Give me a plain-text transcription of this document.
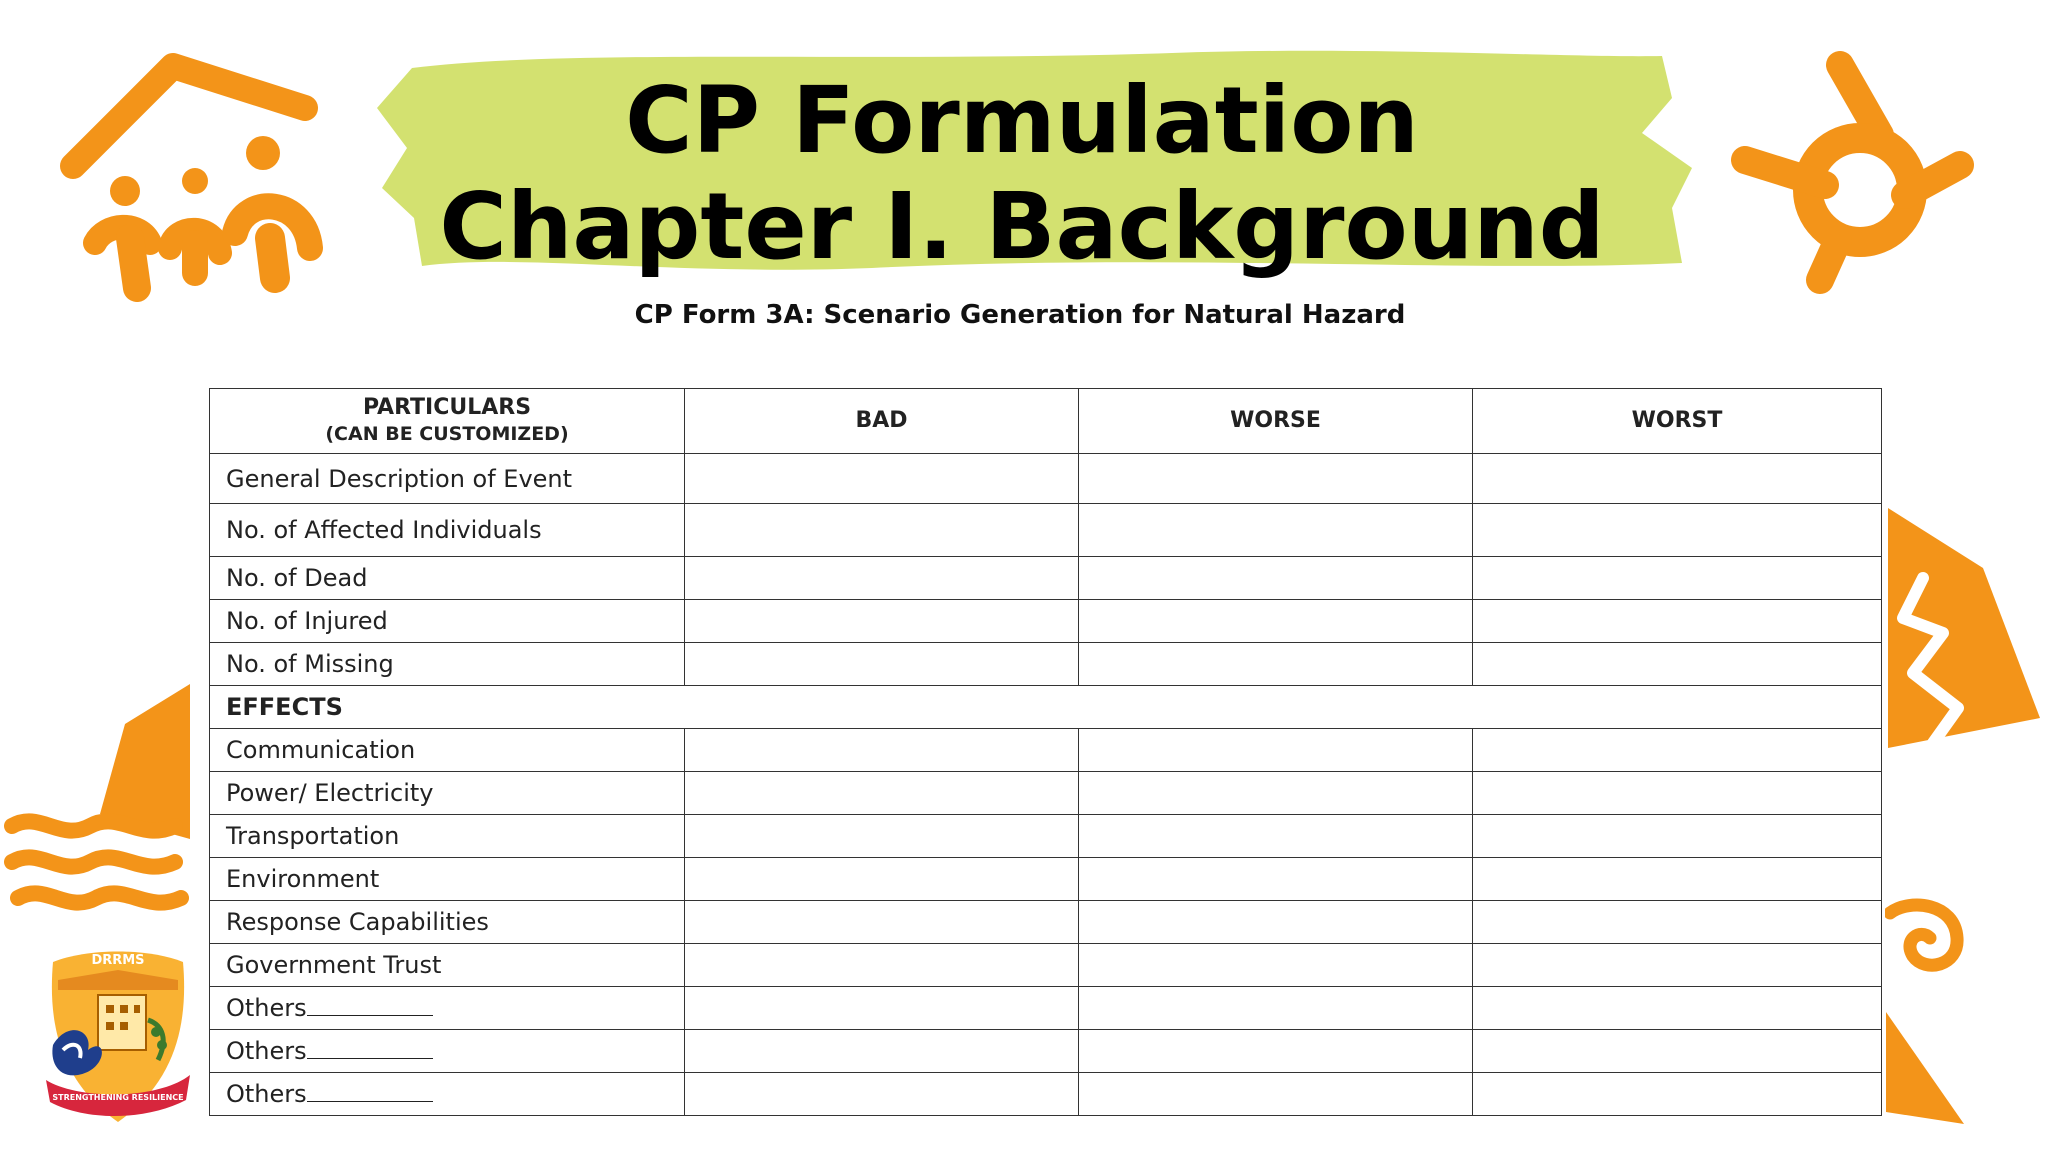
CP Formulation
Chapter I. Background
CP Form 3A: Scenario Generation for Natural Hazard
PARTICULARS
(CAN BE CUSTOMIZED)	BAD	WORSE	WORST
General Description of Event			
No. of Affected Individuals			
No. of Dead			
No. of Injured			
No. of Missing			
EFFECTS			
Communication			
Power/ Electricity			
Transportation			
Environment			
Response Capabilities			
Government Trust			
Others			
Others			
Others			
DRRMS
STRENGTHENING RESILIENCE
